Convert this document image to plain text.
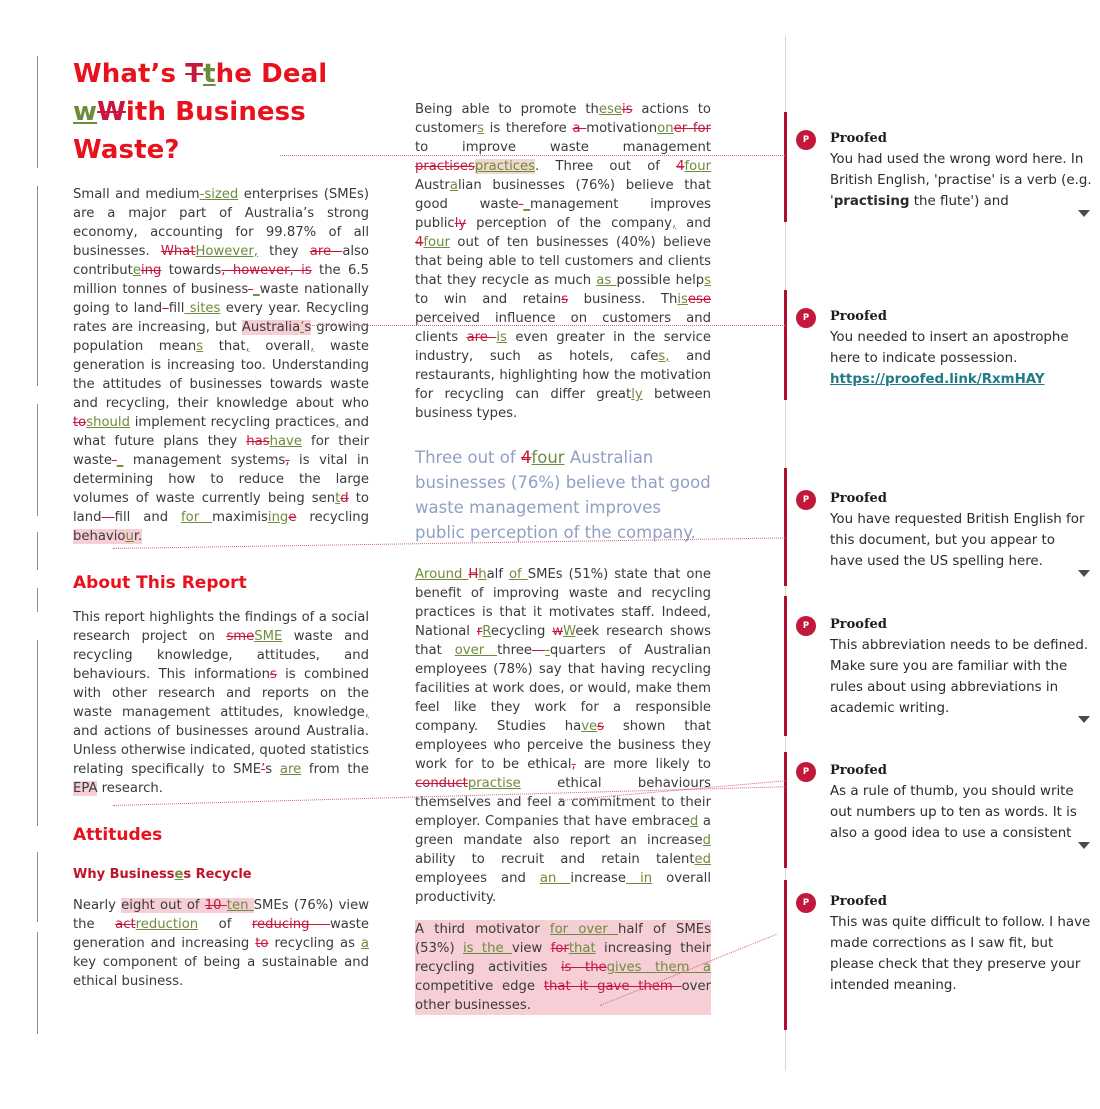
What’s Tthe Deal wWith Business Waste?

Small and medium-sized enterprises (SMEs) are a major part of Australia’s strong economy, accounting for 99.87% of all businesses. WhatHowever, they are also contributeing towards, however, is the 6.5 million tonnes of business-_waste nationally going to land–fill sites every year. Recycling rates are increasing, but Australia’s growing population means that, overall, waste generation is increasing too. Understanding the attitudes of businesses towards waste and recycling, their knowledge about who toshould implement recycling practices, and what future plans they hashave for their waste-_ management systems, is vital in determining how to reduce the large volumes of waste currently being sentd to land—fill and for maximisinge recycling behaviour.

About This Report

This report highlights the findings of a social research project on smeSME waste and recycling knowledge, attitudes, and behaviours. This informations is combined with other research and reports on the waste management attitudes, knowledge, and actions of businesses around Australia. Unless otherwise indicated, quoted statistics relating specifically to SME’s are from the EPA research.

Attitudes
Why Businesses Recycle

Nearly eight out of 10 ten SMEs (76%) view the actreduction of reducing waste generation and increasing to recycling as a key component of being a sustainable and ethical business.

Being able to promote theseis actions to customers is therefore a motivationoner for to improve waste management practisespractices. Three out of 4four Australian businesses (76%) believe that good waste-_management improves publicly perception of the company, and 4four out of ten businesses (40%) believe that being able to tell customers and clients that they recycle as much as possible helps to win and retains business. Thisese perceived influence on customers and clients are is even greater in the service industry, such as hotels, cafes, and restaurants, highlighting how the motivation for recycling can differ greatly between business types.

Three out of 4four Australian businesses (76%) believe that good waste management improves public perception of the company.

Around Hhalf of SMEs (51%) state that one benefit of improving waste and recycling practices is that it motivates staff. Indeed, National rRecycling wWeek research shows that over three—-quarters of Australian employees (78%) say that having recycling facilities at work does, or would, make them feel like they work for a responsible company. Studies haves shown that employees who perceive the business they work for to be ethical, are more likely to conductpractise ethical behaviours themselves and feel a commitment to their employer. Companies that have embraced a green mandate also report an increased ability to recruit and retain talented employees and an increase in overall productivity.

A third motivator for over half of SMEs (53%) is the view forthat increasing their recycling activities is thegives them a competitive edge that it gave them over other businesses.

P	Proofed
You had used the wrong word here. In British English, 'practise' is a verb (e.g. 'practising the flute') and
P	Proofed
You needed to insert an apostrophe here to indicate possession.
https://proofed.link/RxmHAY
P	Proofed
You have requested British English for this document, but you appear to have used the US spelling here.
P	Proofed
This abbreviation needs to be defined. Make sure you are familiar with the rules about using abbreviations in academic writing.
P	Proofed
As a rule of thumb, you should write out numbers up to ten as words. It is also a good idea to use a consistent
P	Proofed
This was quite difficult to follow. I have made corrections as I saw fit, but please check that they preserve your intended meaning.
